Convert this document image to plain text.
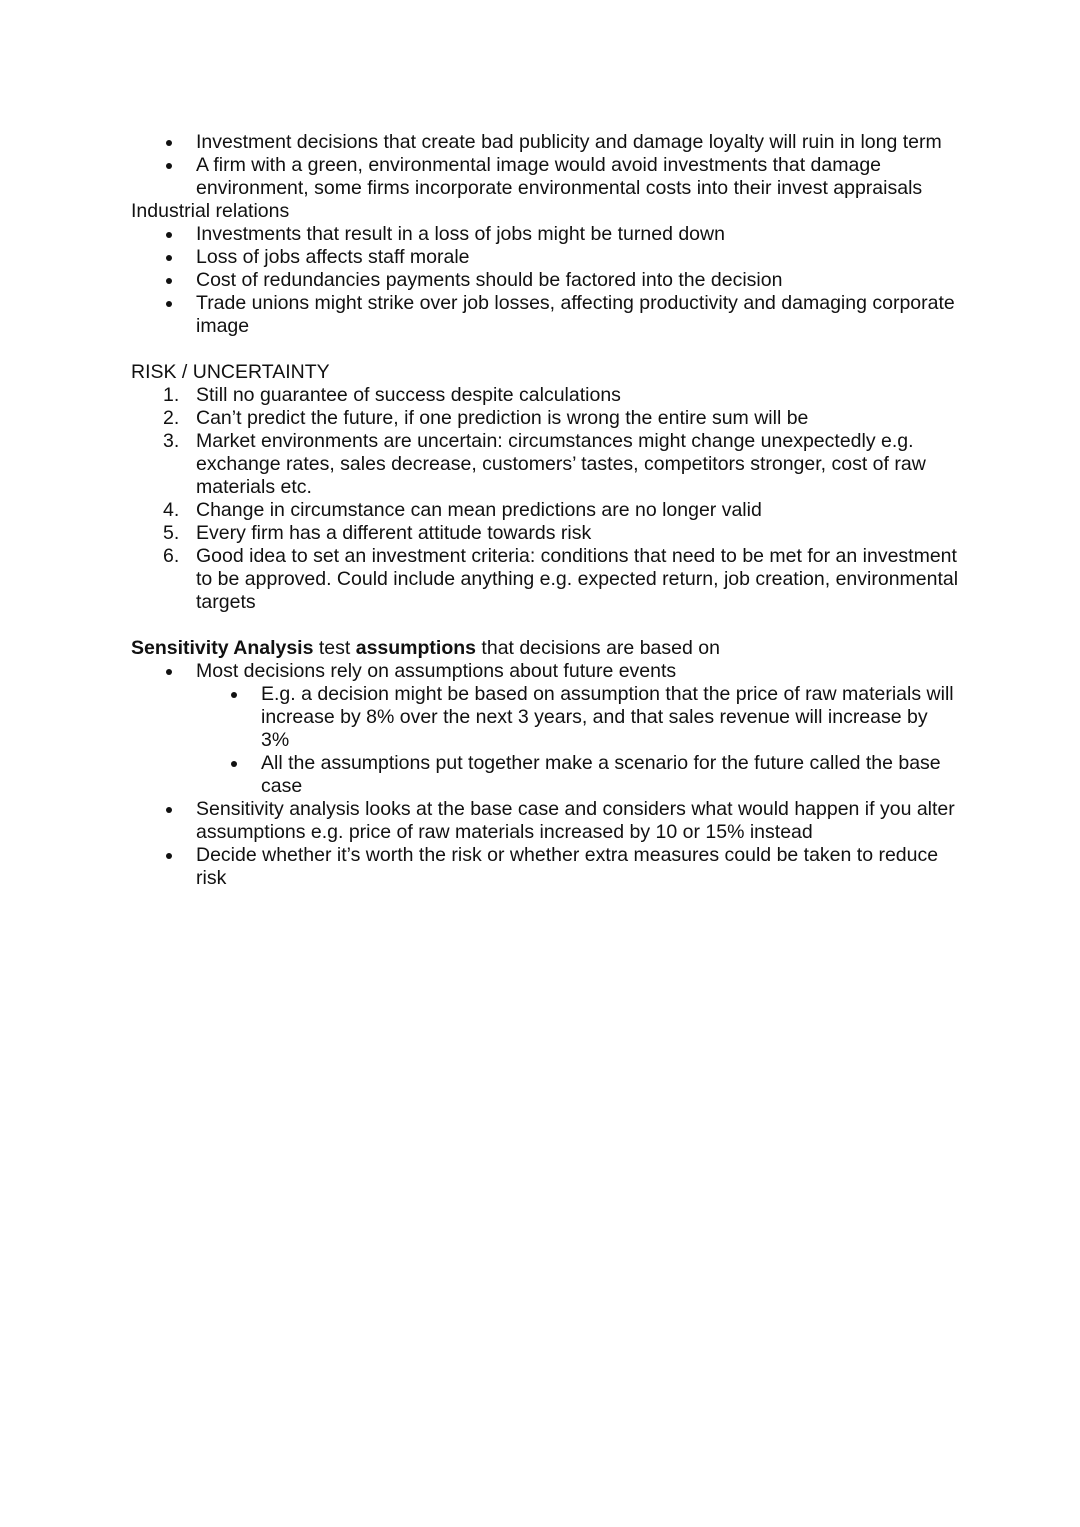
Investment decisions that create bad publicity and damage loyalty will ruin in long term
A firm with a green, environmental image would avoid investments that damage environment, some firms incorporate environmental costs into their invest appraisals

Industrial relations

Investments that result in a loss of jobs might be turned down
Loss of jobs affects staff morale
Cost of redundancies payments should be factored into the decision
Trade unions might strike over job losses, affecting productivity and damaging corporate image

RISK / UNCERTAINTY

1. Still no guarantee of success despite calculations
2. Can’t predict the future, if one prediction is wrong the entire sum will be
3. Market environments are uncertain: circumstances might change unexpectedly e.g. exchange rates, sales decrease, customers’ tastes, competitors stronger, cost of raw materials etc.
4. Change in circumstance can mean predictions are no longer valid
5. Every firm has a different attitude towards risk
6. Good idea to set an investment criteria: conditions that need to be met for an investment to be approved. Could include anything e.g. expected return, job creation, environmental targets

Sensitivity Analysis test assumptions that decisions are based on

Most decisions rely on assumptions about future events
E.g. a decision might be based on assumption that the price of raw materials will increase by 8% over the next 3 years, and that sales revenue will increase by 3%
All the assumptions put together make a scenario for the future called the base case
Sensitivity analysis looks at the base case and considers what would happen if you alter assumptions e.g. price of raw materials increased by 10 or 15% instead
Decide whether it’s worth the risk or whether extra measures could be taken to reduce risk
